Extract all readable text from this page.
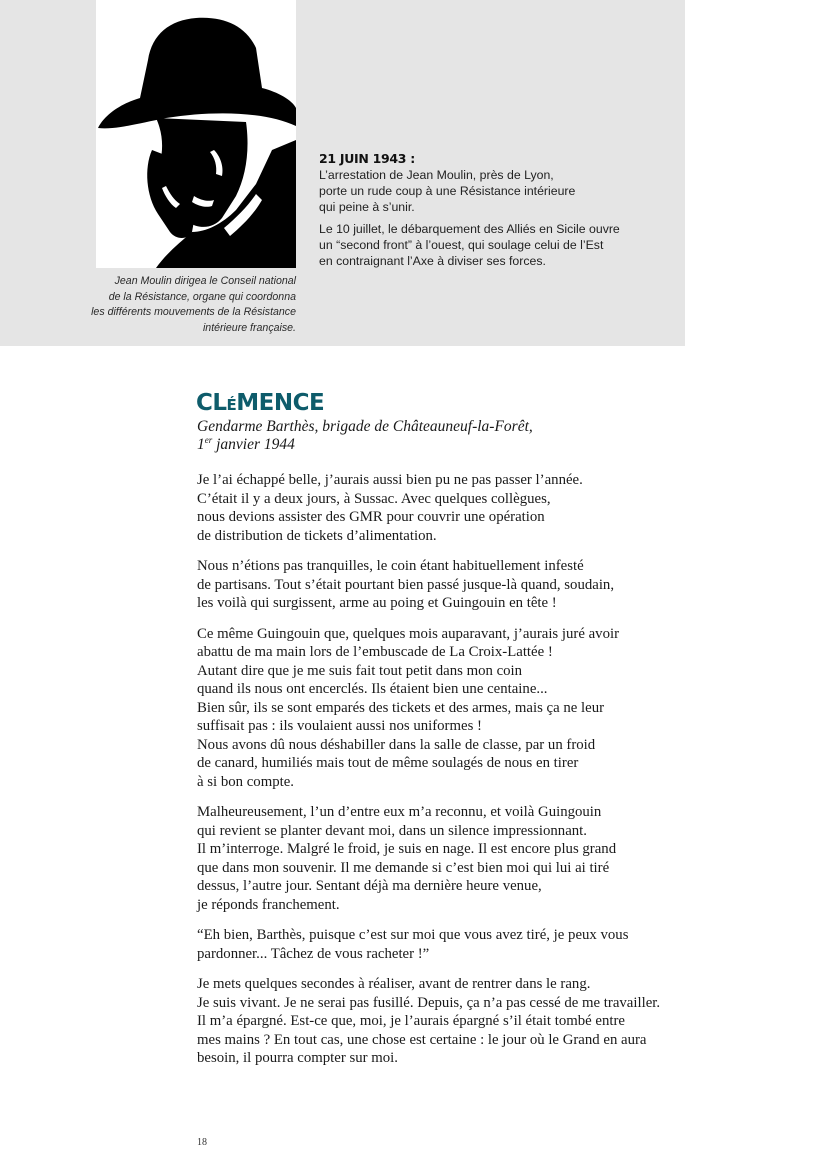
Jean Moulin dirigea le Conseil national

de la Résistance, organe qui coordonna

les différents mouvements de la Résistance

intérieure française.

21 JUIN 1943 :

L’arrestation de Jean Moulin, près de Lyon,

porte un rude coup à une Résistance intérieure

qui peine à s’unir.

Le 10 juillet, le débarquement des Alliés en Sicile ouvre

un “second front” à l’ouest, qui soulage celui de l’Est

en contraignant l’Axe à diviser ses forces.

CLÉMENCE

Gendarme Barthès, brigade de Châteauneuf-la-Forêt,

1er janvier 1944

Je l’ai échappé belle, j’aurais aussi bien pu ne pas passer l’année.
C’était il y a deux jours, à Sussac. Avec quelques collègues,
nous devions assister des GMR pour couvrir une opération
de distribution de tickets d’alimentation.

Nous n’étions pas tranquilles, le coin étant habituellement infesté
de partisans. Tout s’était pourtant bien passé jusque-là quand, soudain,
les voilà qui surgissent, arme au poing et Guingouin en tête !

Ce même Guingouin que, quelques mois auparavant, j’aurais juré avoir
abattu de ma main lors de l’embuscade de La Croix-Lattée !
Autant dire que je me suis fait tout petit dans mon coin
quand ils nous ont encerclés. Ils étaient bien une centaine...
Bien sûr, ils se sont emparés des tickets et des armes, mais ça ne leur
suffisait pas : ils voulaient aussi nos uniformes !
Nous avons dû nous déshabiller dans la salle de classe, par un froid
de canard, humiliés mais tout de même soulagés de nous en tirer
à si bon compte.

Malheureusement, l’un d’entre eux m’a reconnu, et voilà Guingouin
qui revient se planter devant moi, dans un silence impressionnant.
Il m’interroge. Malgré le froid, je suis en nage. Il est encore plus grand
que dans mon souvenir. Il me demande si c’est bien moi qui lui ai tiré
dessus, l’autre jour. Sentant déjà ma dernière heure venue,
je réponds franchement.

“Eh bien, Barthès, puisque c’est sur moi que vous avez tiré, je peux vous
pardonner... Tâchez de vous racheter !”

Je mets quelques secondes à réaliser, avant de rentrer dans le rang.
Je suis vivant. Je ne serai pas fusillé. Depuis, ça n’a pas cessé de me travailler.
Il m’a épargné. Est-ce que, moi, je l’aurais épargné s’il était tombé entre
mes mains ? En tout cas, une chose est certaine : le jour où le Grand en aura
besoin, il pourra compter sur moi.

18
